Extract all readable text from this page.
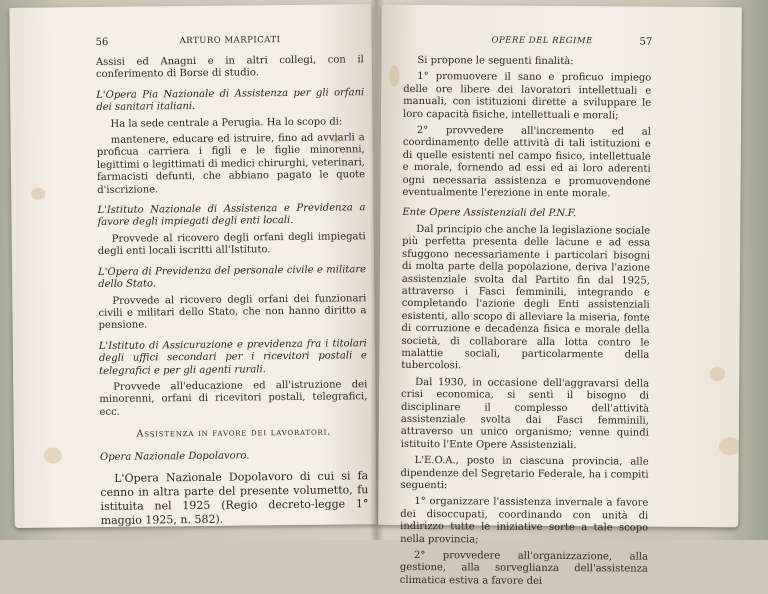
56	ARTURO MARPICATI

Assisi ed Anagni e in altri collegi, con il conferimento di Borse di studio.

L'Opera Pia Nazionale di Assistenza per gli orfani dei sanitari italiani.

Ha la sede centrale a Perugia. Ha lo scopo di:

mantenere, educare ed istruire, fino ad avviarli a proficua carriera i figli e le figlie minorenni, legittimi o legittimati di medici chirurghi, veterinari, farmacisti defunti, che abbiano pagato le quote d'iscrizione.

L'Istituto Nazionale di Assistenza e Previdenza a favore degli impiegati degli enti locali.

Provvede al ricovero degli orfani degli impiegati degli enti locali iscritti all'Istituto.

L'Opera di Previdenza del personale civile e militare dello Stato.

Provvede al ricovero degli orfani dei funzionari civili e militari dello Stato, che non hanno diritto a pensione.

L'Istituto di Assicurazione e previdenza fra i titolari degli uffici secondari per i ricevitori postali e telegrafici e per gli agenti rurali.

Provvede all'educazione ed all'istruzione dei minorenni, orfani di ricevitori postali, telegrafici, ecc.

Assistenza in favore dei lavoratori.

Opera Nazionale Dopolavoro.

L'Opera Nazionale Dopolavoro di cui si fa cenno in altra parte del presente volumetto, fu istituita nel 1925 (Regio decreto-legge 1° maggio 1925, n. 582).

OPERE DEL REGIME	57

Si propone le seguenti finalità:

1° promuovere il sano e proficuo impiego delle ore libere dei lavoratori intellettuali e manuali, con istituzioni dirette a sviluppare le loro capacità fisiche, intellettuali e morali;

2° provvedere all'incremento ed al coordinamento delle attività di tali istituzioni e di quelle esistenti nel campo fisico, intellettuale e morale, fornendo ad essi ed ai loro aderenti ogni necessaria assistenza e promuovendone eventualmente l'erezione in ente morale.

Ente Opere Assistenziali del P.N.F.

Dal principio che anche la legislazione sociale più perfetta presenta delle lacune e ad essa sfuggono necessariamente i particolari bisogni di molta parte della popolazione, deriva l'azione assistenziale svolta dal Partito fin dal 1925, attraverso i Fasci femminili, integrando e completando l'azione degli Enti assistenziali esistenti, allo scopo di alleviare la miseria, fonte di corruzione e decadenza fisica e morale della società, di collaborare alla lotta contro le malattie sociali, particolarmente della tubercolosi.

Dal 1930, in occasione dell'aggravarsi della crisi economica, si sentì il bisogno di disciplinare il complesso dell'attività assistenziale svolta dai Fasci femminili, attraverso un unico organismo; venne quindi istituito l'Ente Opere Assistenziali.

L'E.O.A., posto in ciascuna provincia, alle dipendenze del Segretario Federale, ha i compiti seguenti:

1° organizzare l'assistenza invernale a favore dei disoccupati, coordinando con unità di indirizzo tutte le iniziative sorte a tale scopo nella provincia;

2° provvedere all'organizzazione, alla gestione, alla sorveglianza dell'assistenza climatica estiva a favore dei
